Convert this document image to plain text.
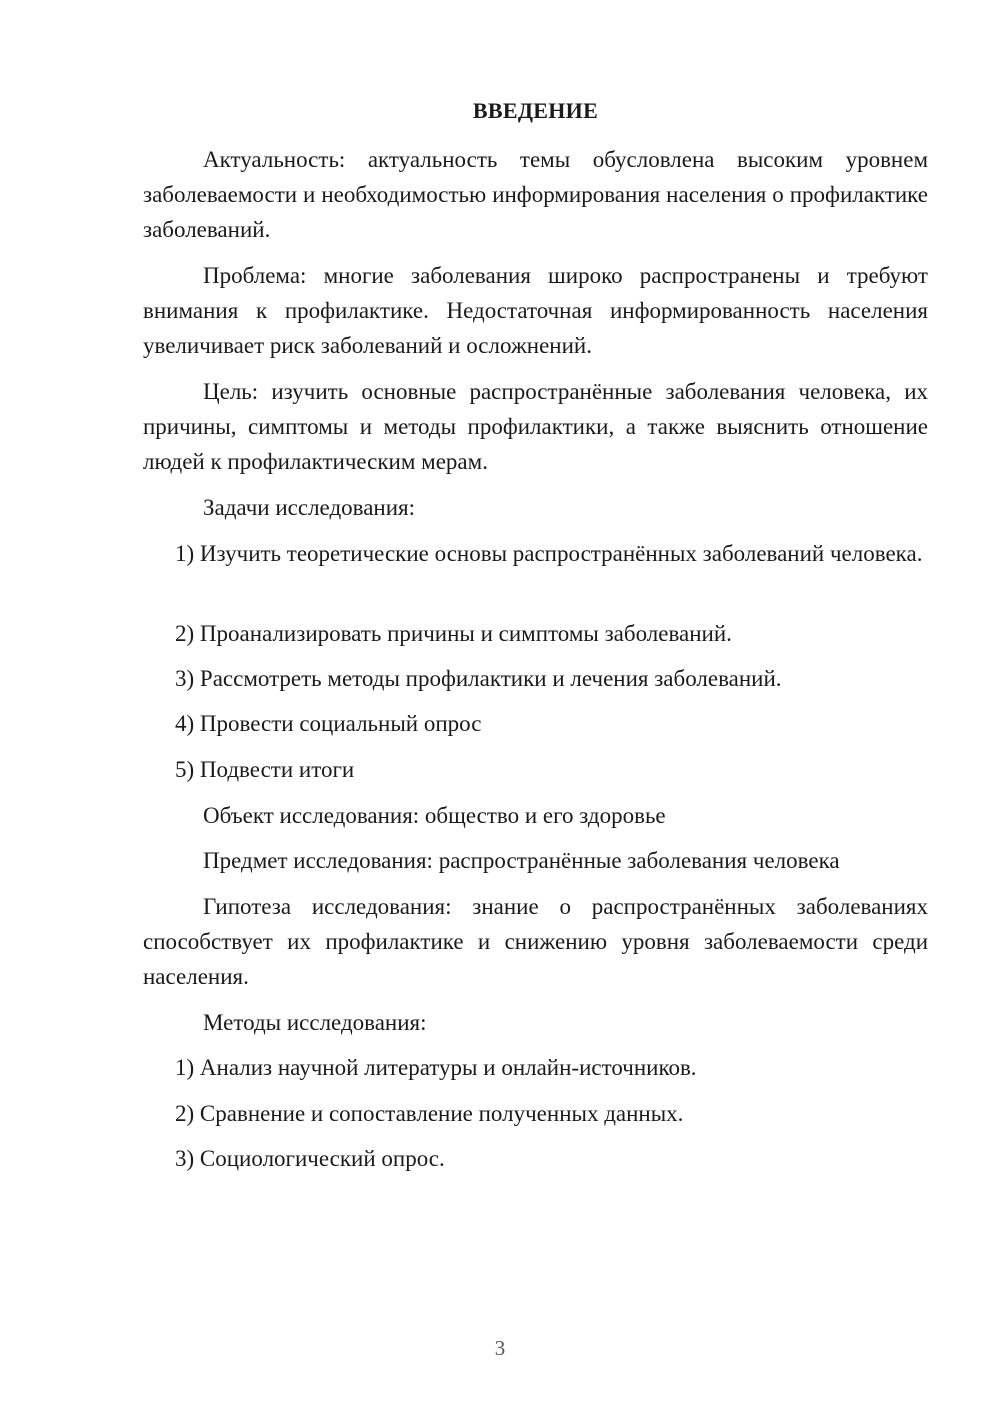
ВВЕДЕНИЕ

Актуальность: актуальность темы обусловлена высоким уровнем заболеваемости и необходимостью информирования населения о профилактике заболеваний.

Проблема: многие заболевания широко распространены и требуют внимания к профилактике. Недостаточная информированность населения увеличивает риск заболеваний и осложнений.

Цель: изучить основные распространённые заболевания человека, их причины, симптомы и методы профилактики, а также выяснить отношение людей к профилактическим мерам.

Задачи исследования:

1) Изучить теоретические основы распространённых заболеваний человека.

2) Проанализировать причины и симптомы заболеваний.

3) Рассмотреть методы профилактики и лечения заболеваний.

4) Провести социальный опрос

5) Подвести итоги

Объект исследования: общество и его здоровье

Предмет исследования: распространённые заболевания человека

Гипотеза исследования: знание о распространённых заболеваниях способствует их профилактике и снижению уровня заболеваемости среди населения.

Методы исследования:

1) Анализ научной литературы и онлайн-источников.

2) Сравнение и сопоставление полученных данных.

3) Социологический опрос.

3
